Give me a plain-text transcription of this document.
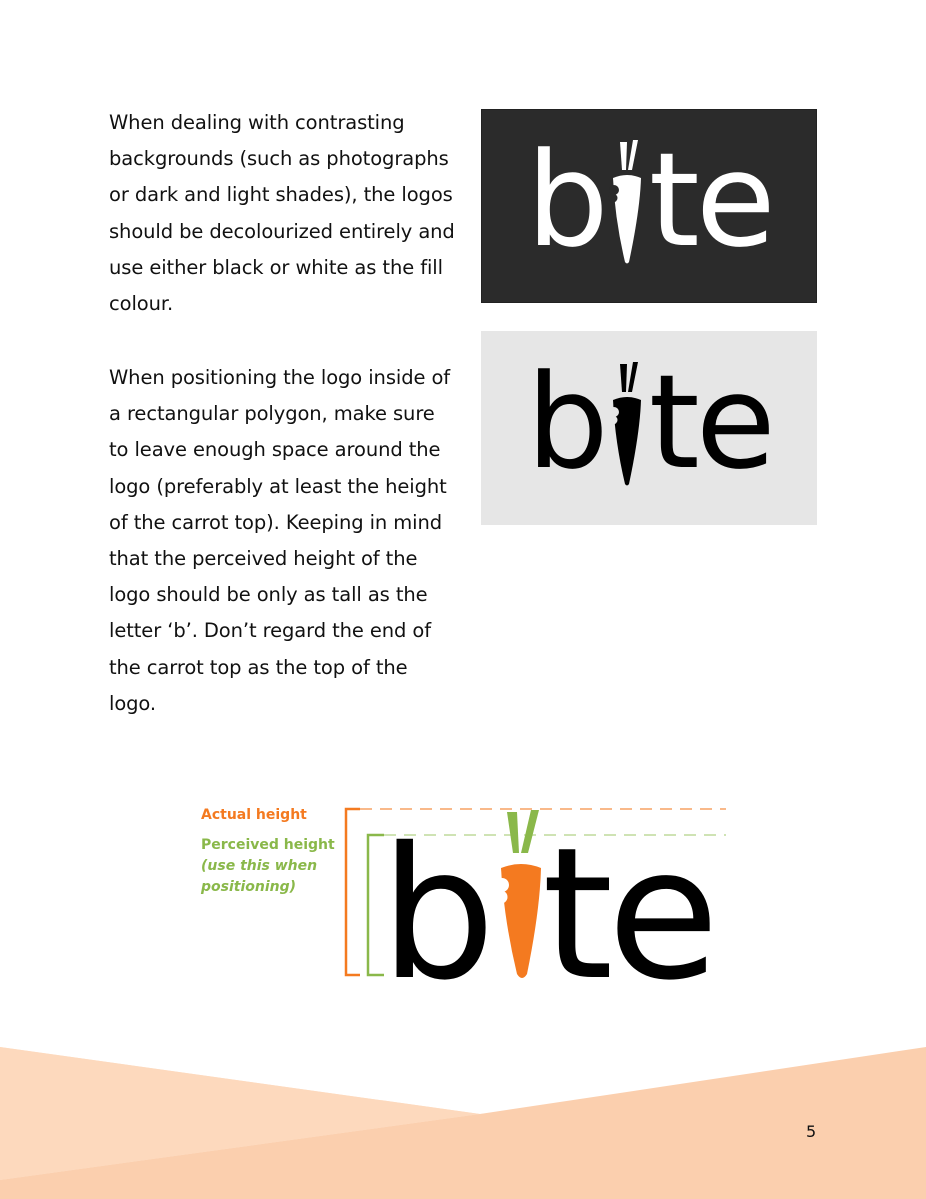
When dealing with contrasting backgrounds (such as photographs or dark and light shades), the logos should be decolourized entirely and use either black or white as the fill colour.

When positioning the logo inside of a rectangular polygon, make sure to leave enough space around the logo (preferably at least the height of the carrot top). Keeping in mind that the perceived height of the logo should be only as tall as the letter ‘b’. Don’t regard the end of the carrot top as the top of the logo.

b te
b te

Actual height

Perceived height

(use this when positioning) b te
5
